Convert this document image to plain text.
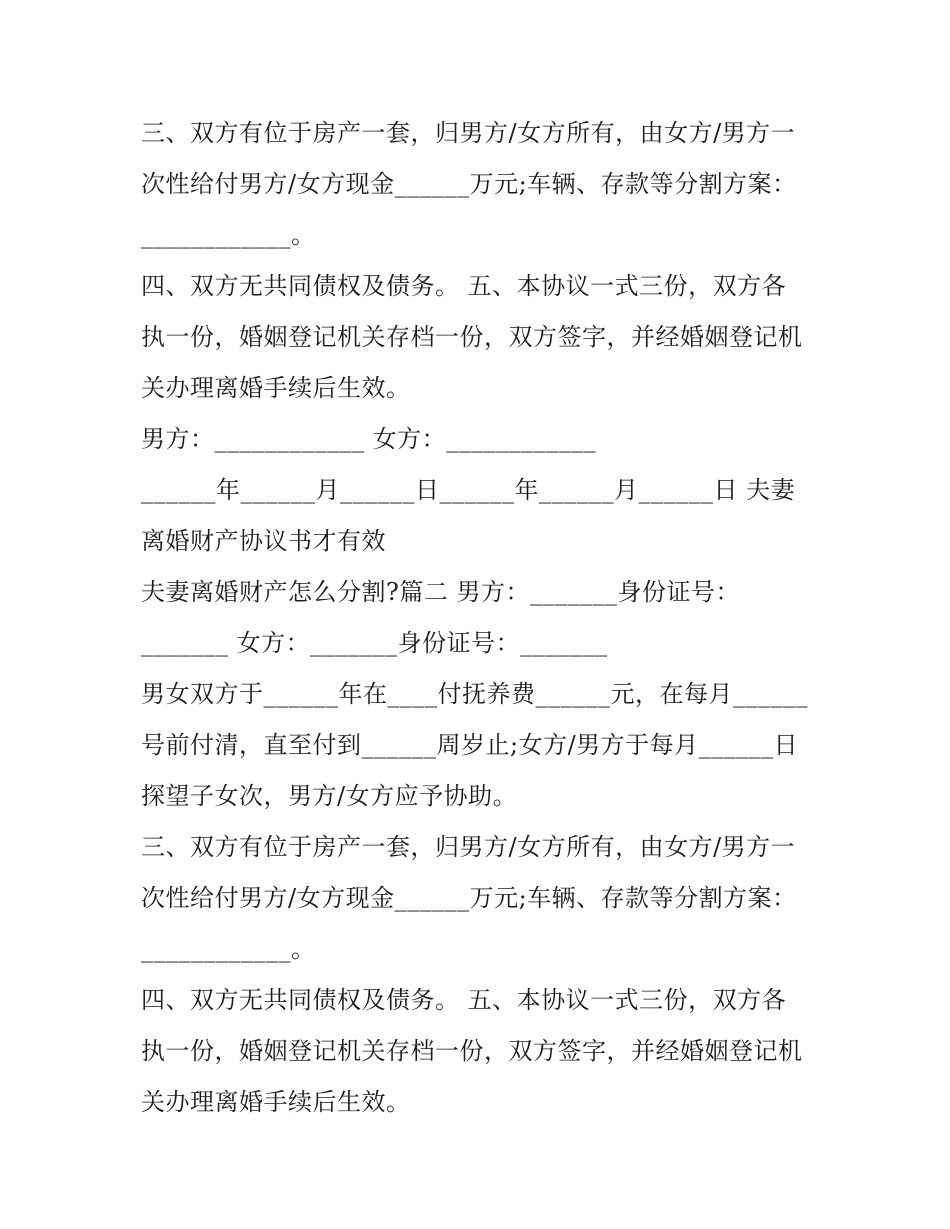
三、双方有位于房产一套，归男方/女方所有，由女方/男方一
次性给付男方/女方现金______万元;车辆、存款等分割方案：
____________。
四、双方无共同债权及债务。 五、本协议一式三份，双方各
执一份，婚姻登记机关存档一份，双方签字，并经婚姻登记机
关办理离婚手续后生效。
男方：____________ 女方：____________
______年______月______日______年______月______日 夫妻
离婚财产协议书才有效
夫妻离婚财产怎么分割?篇二 男方：_______身份证号：
_______ 女方：_______身份证号：_______
男女双方于______年在____付抚养费______元，在每月______
号前付清，直至付到______周岁止;女方/男方于每月______日
探望子女次，男方/女方应予协助。
三、双方有位于房产一套，归男方/女方所有，由女方/男方一
次性给付男方/女方现金______万元;车辆、存款等分割方案：
____________。
四、双方无共同债权及债务。 五、本协议一式三份，双方各
执一份，婚姻登记机关存档一份，双方签字，并经婚姻登记机
关办理离婚手续后生效。
